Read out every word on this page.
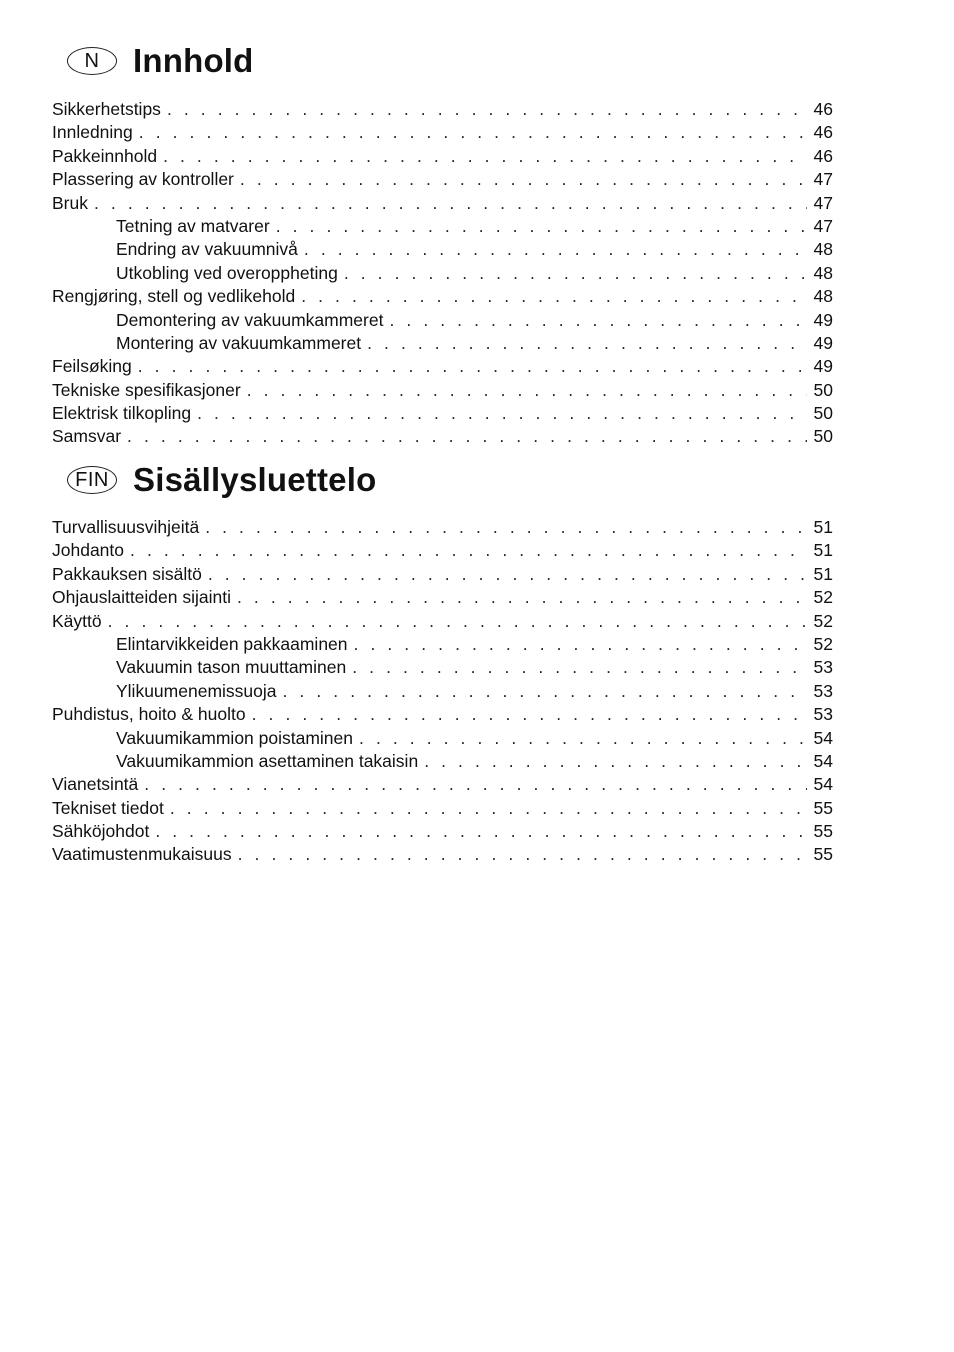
N	Innhold
Sikkerhetstips . . .	46
Innledning . . .	46
Pakkeinnhold . . .	46
Plassering av kontroller . . .	47
Bruk . . .	47
Tetning av matvarer . . .	47
Endring av vakuumnivå . . .	48
Utkobling ved overoppheting . . .	48
Rengjøring, stell og vedlikehold . . .	48
Demontering av vakuumkammeret . . .	49
Montering av vakuumkammeret . . .	49
Feilsøking . . .	49
Tekniske spesifikasjoner . . .	50
Elektrisk tilkopling . . .	50
Samsvar . . .	50
FIN Sisällysluettelo
Turvallisuusvihjeitä . . .	51
Johdanto . . .	51
Pakkauksen sisältö . . .	51
Ohjauslaitteiden sijainti . . .	52
Käyttö . . .	52
Elintarvikkeiden pakkaaminen . . .	52
Vakuumin tason muuttaminen . . .	53
Ylikuumenemissuoja . . .	53
Puhdistus, hoito & huolto . . .	53
Vakuumikammion poistaminen . . .	54
Vakuumikammion asettaminen takaisin . . .	54
Vianetsintä . . .	54
Tekniset tiedot . . .	55
Sähköjohdot . . .	55
Vaatimustenmukaisuus . . .	55
